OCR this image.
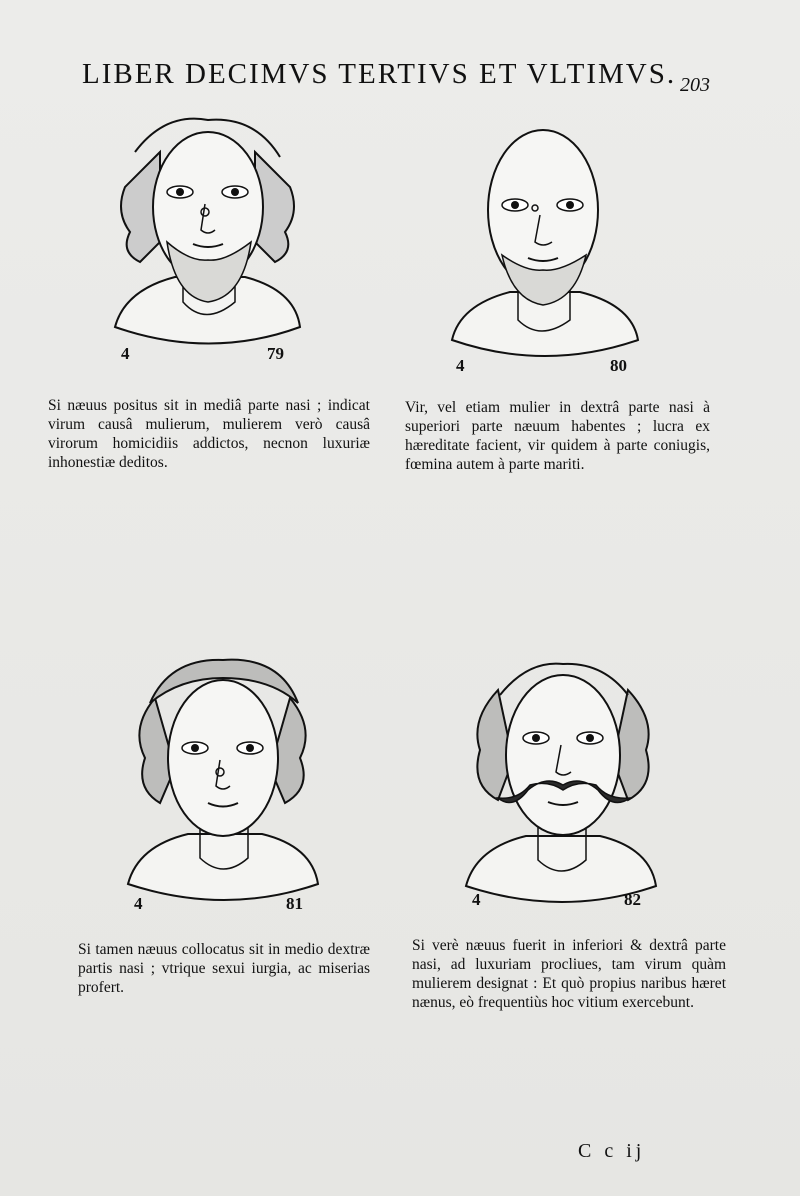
LIBER DECIMVS TERTIVS ET VLTIMVS. 203
4	79
4	80
Si næuus positus sit in mediâ parte nasi ; indicat virum causâ mulierum, mulierem verò causâ virorum homicidiis addictos, necnon luxuriæ inhonestiæ deditos.
Vir, vel etiam mulier in dextrâ parte nasi à superiori parte næuum habentes ; lucra ex hæreditate facient, vir quidem à parte coniugis, fœmina autem à parte mariti.
4	81	4	82
Si tamen næuus collocatus sit in medio dextræ partis nasi ; vtrique sexui iurgia, ac miserias profert.
Si verè næuus fuerit in inferiori & dextrâ parte nasi, ad luxuriam procliues, tam virum quàm mulierem designat : Et quò propius naribus hæret nænus, eò frequentiùs hoc vitium exercebunt.
C c ij
